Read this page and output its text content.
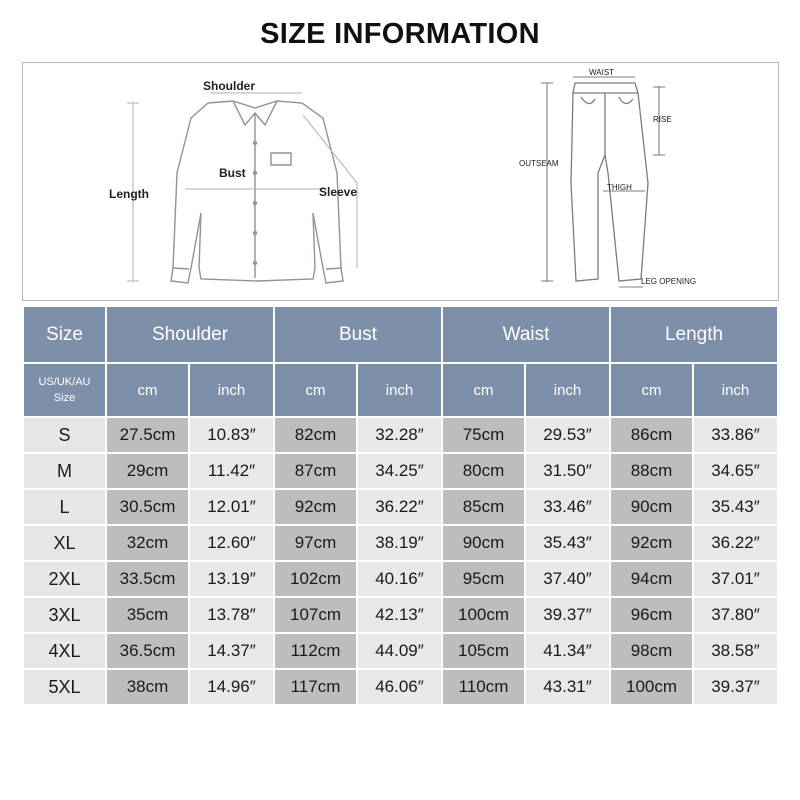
SIZE INFORMATION
Shoulder
Bust
Length	Sleeve
WAIST
RISE
OUTSEAM
THIGH
LEG OPENING
Size	Shoulder		Bust		Waist		Length	

US/UK/AU
Size	cm	inch	cm	inch	cm	inch	cm	inch
S	27.5cm	10.83″	82cm	32.28″	75cm	29.53″	86cm	33.86″
M	29cm	11.42″	87cm	34.25″	80cm	31.50″	88cm	34.65″
L	30.5cm	12.01″	92cm	36.22″	85cm	33.46″	90cm	35.43″
XL	32cm	12.60″	97cm	38.19″	90cm	35.43″	92cm	36.22″
2XL	33.5cm	13.19″	102cm	40.16″	95cm	37.40″	94cm	37.01″
3XL	35cm	13.78″	107cm	42.13″	100cm	39.37″	96cm	37.80″
4XL	36.5cm	14.37″	112cm	44.09″	105cm	41.34″	98cm	38.58″
5XL	38cm	14.96″	117cm	46.06″	110cm	43.31″	100cm	39.37″
